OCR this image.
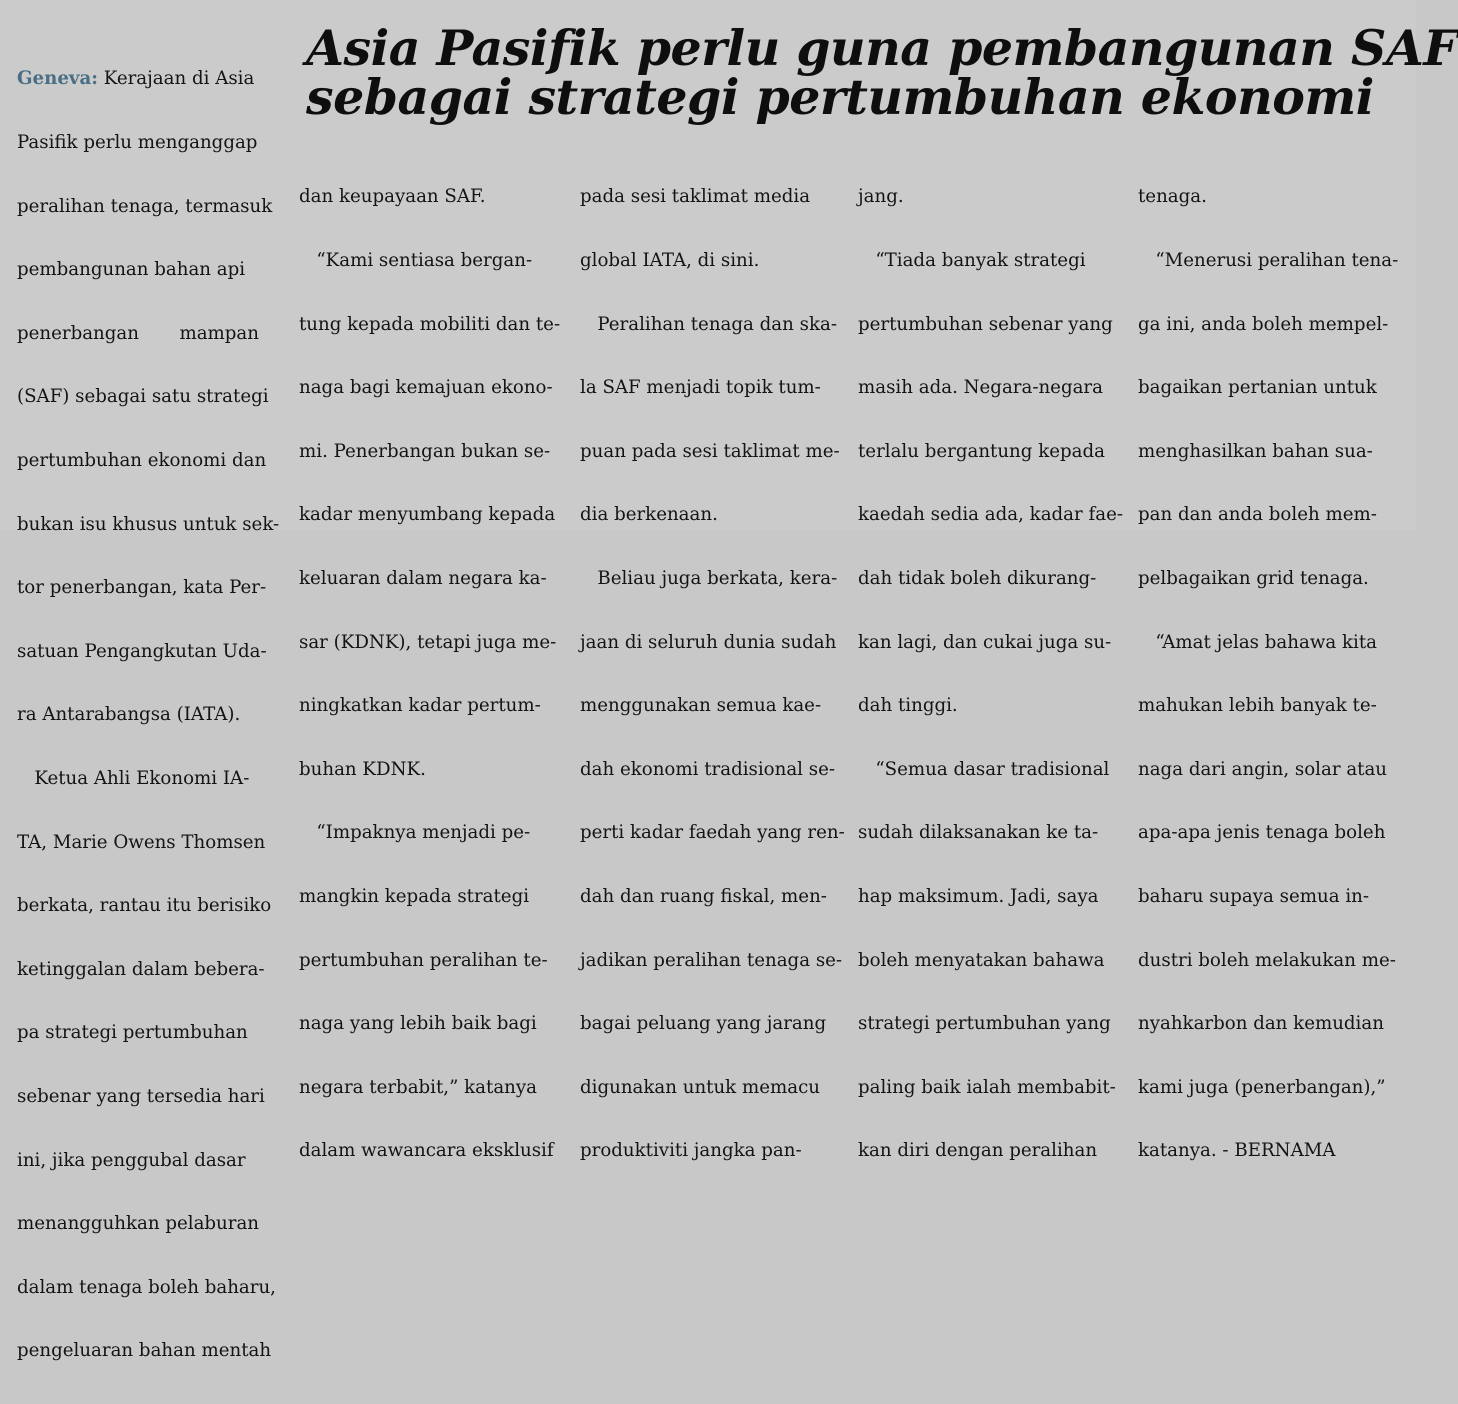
Asia Pasifik perlu guna pembangunan SAF
sebagai strategi pertumbuhan ekonomi

Geneva: Kerajaan di Asia

Pasifik perlu menganggap

peralihan tenaga, termasuk

pembangunan bahan api

penerbangan       mampan

(SAF) sebagai satu strategi

pertumbuhan ekonomi dan

bukan isu khusus untuk sek-

tor penerbangan, kata Per-

satuan Pengangkutan Udа-

ra Antarabangsa (IATA).

Ketua Ahli Ekonomi IA-

TA, Marie Owens Thomsen

berkata, rantau itu berisiko

ketinggalan dalam bebera-

pa strategi pertumbuhan

sebenar yang tersedia hari

ini, jika penggubal dasar

menangguhkan pelaburan

dalam tenaga boleh baharu,

pengeluaran bahan mentah

dan keupayaan SAF.

“Kami sentiasa bergan-

tung kepada mobiliti dan te-

naga bagi kemajuan ekono-

mi. Penerbangan bukan se-

kadar menyumbang kepada

keluaran dalam negara ka-

sar (KDNK), tetapi juga me-

ningkatkan kadar pertum-

buhan KDNK.

“Impaknya menjadi pe-

mangkin kepada strategi

pertumbuhan peralihan te-

naga yang lebih baik bagi

negara terbabit,” katanya

dalam wawancara eksklusif

pada sesi taklimat media

global IATA, di sini.

Peralihan tenaga dan ska-

la SAF menjadi topik tum-

puan pada sesi taklimat me-

dia berkenaan.

Beliau juga berkata, kera-

jaan di seluruh dunia sudah

menggunakan semua kae-

dah ekonomi tradisional se-

perti kadar faedah yang ren-

dah dan ruang fiskal, men-

jadikan peralihan tenaga se-

bagai peluang yang jarang

digunakan untuk memacu

produktiviti jangka pan-

jang.

“Tiada banyak strategi

pertumbuhan sebenar yang

masih ada. Negara-negara

terlalu bergantung kepada

kaedah sedia ada, kadar fae-

dah tidak boleh dikurang-

kan lagi, dan cukai juga su-

dah tinggi.

“Semua dasar tradisional

sudah dilaksanakan ke ta-

hap maksimum. Jadi, saya

boleh menyatakan bahawa

strategi pertumbuhan yang

paling baik ialah membabit-

kan diri dengan peralihan

tenaga.

“Menerusi peralihan tena-

ga ini, anda boleh mempel-

bagaikan pertanian untuk

menghasilkan bahan sua-

pan dan anda boleh mem-

pelbagaikan grid tenaga.

“Amat jelas bahawa kita

mahukan lebih banyak te-

naga dari angin, solar atau

apa-apa jenis tenaga boleh

baharu supaya semua in-

dustri boleh melakukan me-

nyahkarbon dan kemudian

kami juga (penerbangan),”

katanya. - BERNAMA
